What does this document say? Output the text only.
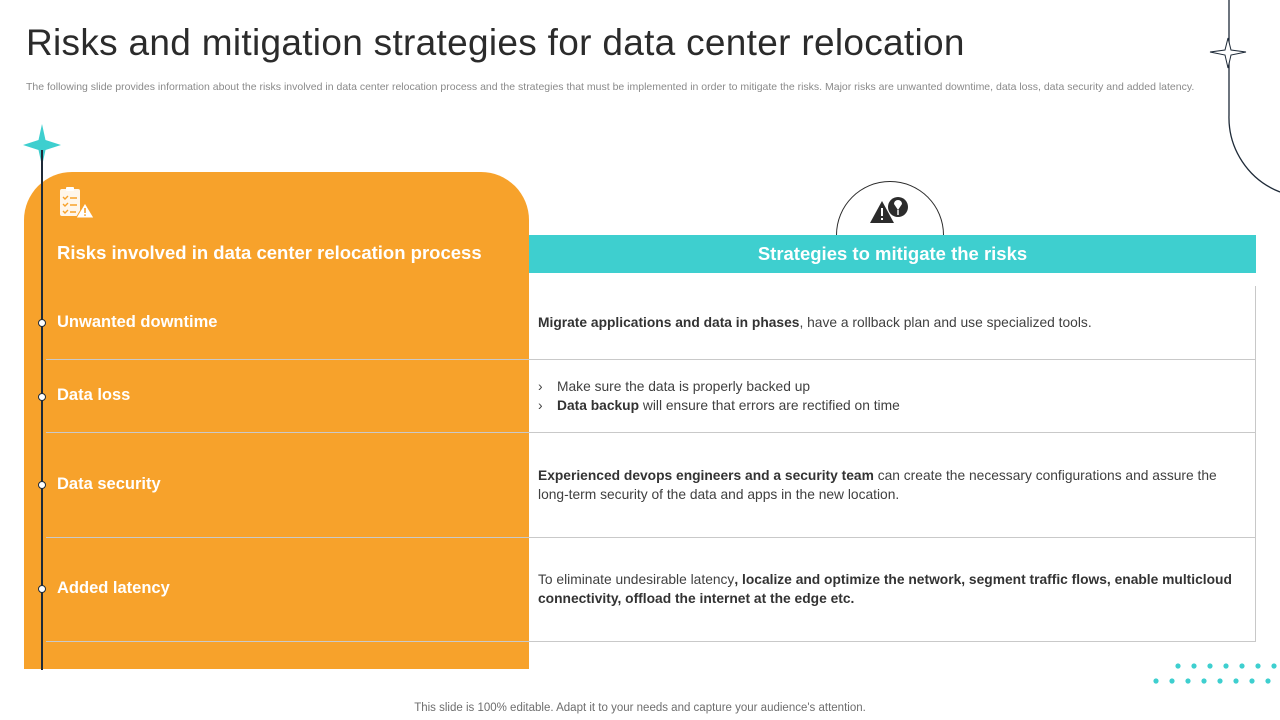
Risks and mitigation strategies for data center relocation
The following slide provides information about the risks involved in data center relocation process and the strategies that must be implemented in order to mitigate the risks. Major risks are unwanted downtime, data loss, data security and added latency.
Risks involved in data center relocation process	Strategies to mitigate the risks
Unwanted downtime	Migrate applications and data in phases, have a rollback plan and use specialized tools.
Data loss	› Make sure the data is properly backed up
› Data backup will ensure that errors are rectified on time
Data security	Experienced devops engineers and a security team can create the necessary configurations and assure the long-term security of the data and apps in the new location.
Added latency	To eliminate undesirable latency, localize and optimize the network, segment traffic flows, enable multicloud connectivity, offload the internet at the edge etc.
This slide is 100% editable. Adapt it to your needs and capture your audience's attention.
